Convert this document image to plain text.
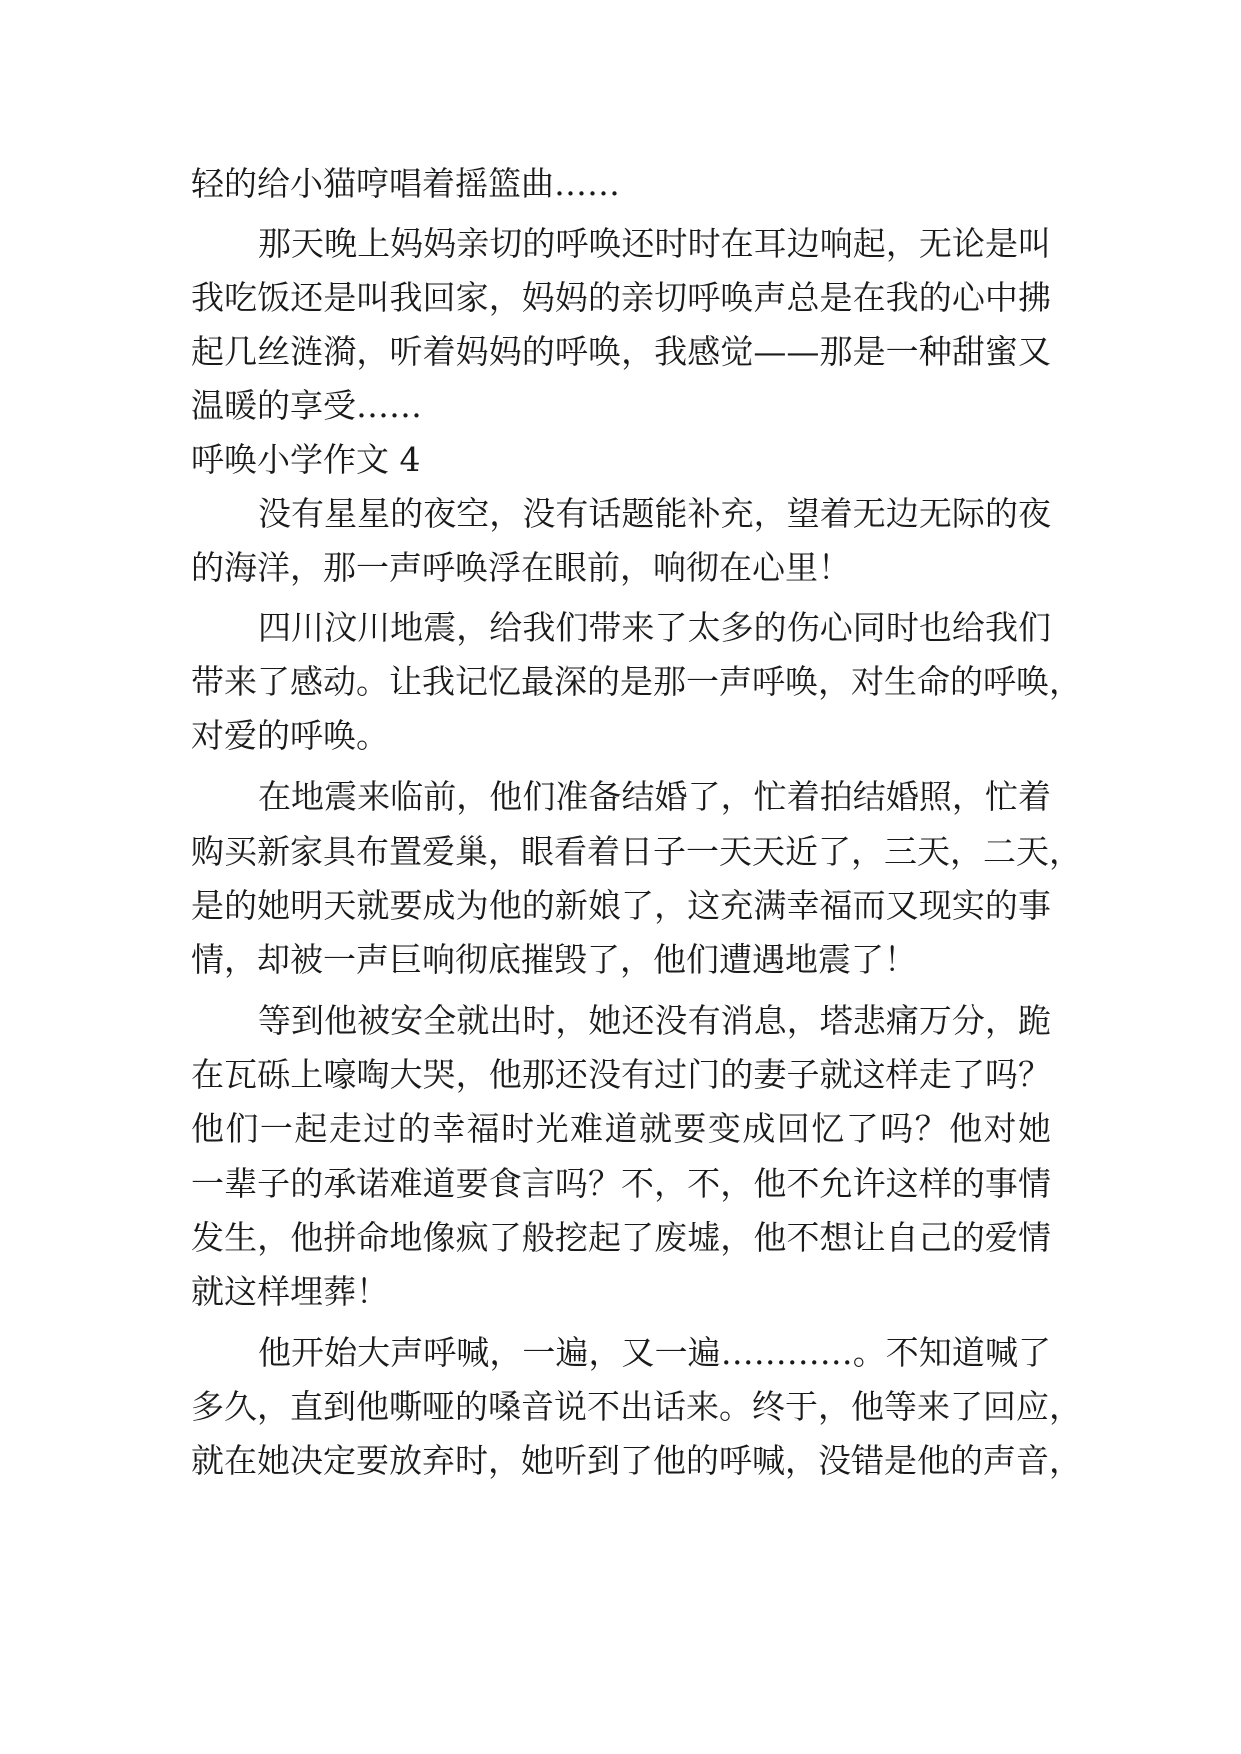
轻的给小猫哼唱着摇篮曲……
那天晚上妈妈亲切的呼唤还时时在耳边响起，无论是叫
我吃饭还是叫我回家，妈妈的亲切呼唤声总是在我的心中拂
起几丝涟漪，听着妈妈的呼唤，我感觉——那是一种甜蜜又
温暖的享受……
呼唤小学作文 4
没有星星的夜空，没有话题能补充，望着无边无际的夜
的海洋，那一声呼唤浮在眼前，响彻在心里！
四川汶川地震，给我们带来了太多的伤心同时也给我们
带来了感动。让我记忆最深的是那一声呼唤，对生命的呼唤，
对爱的呼唤。
在地震来临前，他们准备结婚了，忙着拍结婚照，忙着
购买新家具布置爱巢，眼看着日子一天天近了，三天，二天，
是的她明天就要成为他的新娘了，这充满幸福而又现实的事
情，却被一声巨响彻底摧毁了，他们遭遇地震了！
等到他被安全就出时，她还没有消息，塔悲痛万分，跪
在瓦砾上嚎啕大哭，他那还没有过门的妻子就这样走了吗？
他们一起走过的幸福时光难道就要变成回忆了吗？他对她
一辈子的承诺难道要食言吗？不，不，他不允许这样的事情
发生，他拼命地像疯了般挖起了废墟，他不想让自己的爱情
就这样埋葬！
他开始大声呼喊，一遍，又一遍…………。不知道喊了
多久，直到他嘶哑的嗓音说不出话来。终于，他等来了回应，
就在她决定要放弃时，她听到了他的呼喊，没错是他的声音，
